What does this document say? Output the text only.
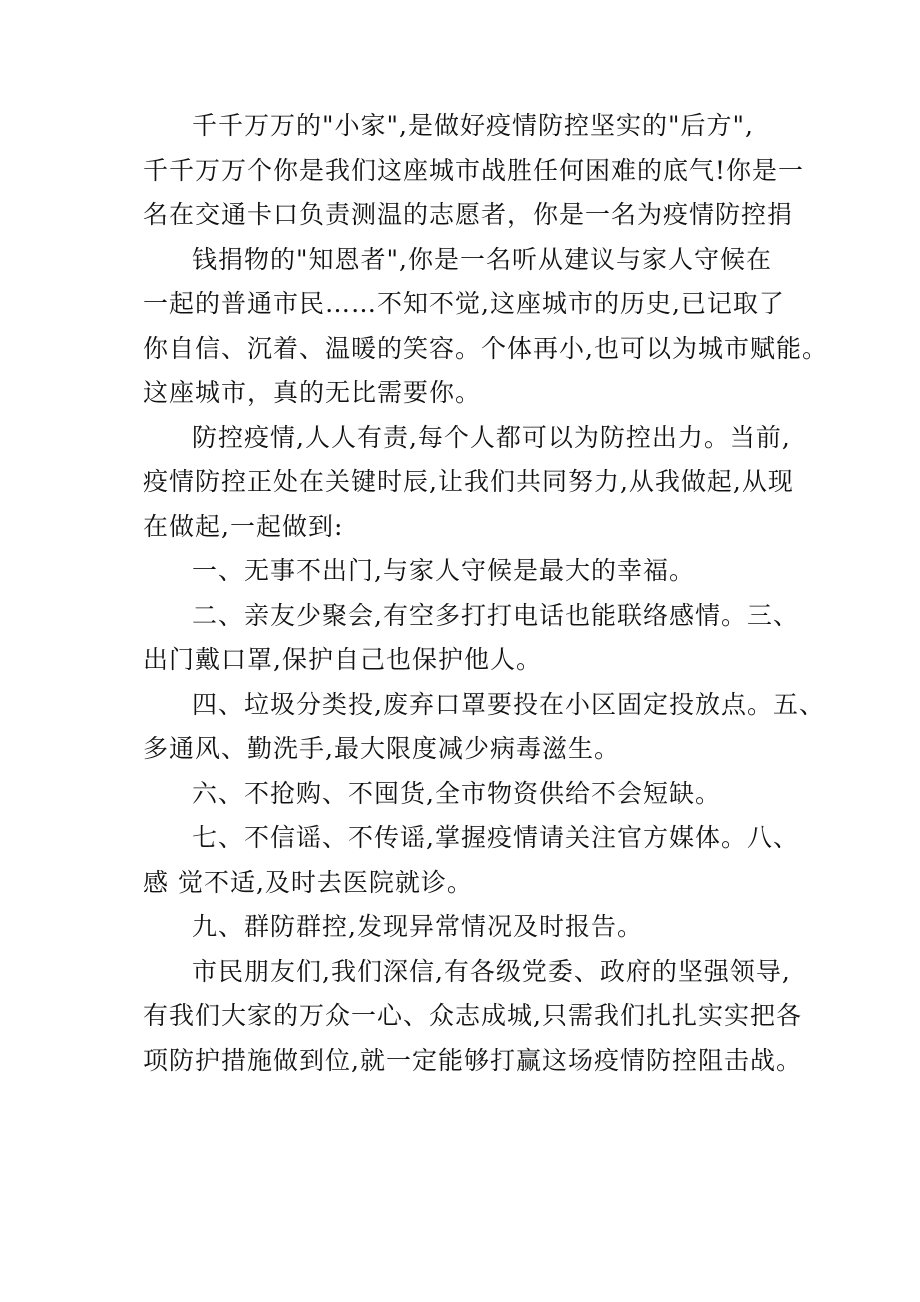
千千万万的"小家",是做好疫情防控坚实的"后方",
千千万万个你是我们这座城市战胜任何困难的底气!你是一
名在交通卡口负责测温的志愿者，你是一名为疫情防控捐
钱捐物的"知恩者",你是一名听从建议与家人守候在
一起的普通市民……不知不觉,这座城市的历史,已记取了
你自信、沉着、温暖的笑容。个体再小,也可以为城市赋能。
这座城市，真的无比需要你。
防控疫情,人人有责,每个人都可以为防控出力。当前,
疫情防控正处在关键时辰,让我们共同努力,从我做起,从现
在做起,一起做到:
一、无事不出门,与家人守候是最大的幸福。
二、亲友少聚会,有空多打打电话也能联络感情。三、
出门戴口罩,保护自己也保护他人。
四、垃圾分类投,废弃口罩要投在小区固定投放点。五、
多通风、勤洗手,最大限度减少病毒滋生。
六、不抢购、不囤货,全市物资供给不会短缺。
七、不信谣、不传谣,掌握疫情请关注官方媒体。八、
感 觉不适,及时去医院就诊。
九、群防群控,发现异常情况及时报告。
市民朋友们,我们深信,有各级党委、政府的坚强领导,
有我们大家的万众一心、众志成城,只需我们扎扎实实把各
项防护措施做到位,就一定能够打赢这场疫情防控阻击战。
